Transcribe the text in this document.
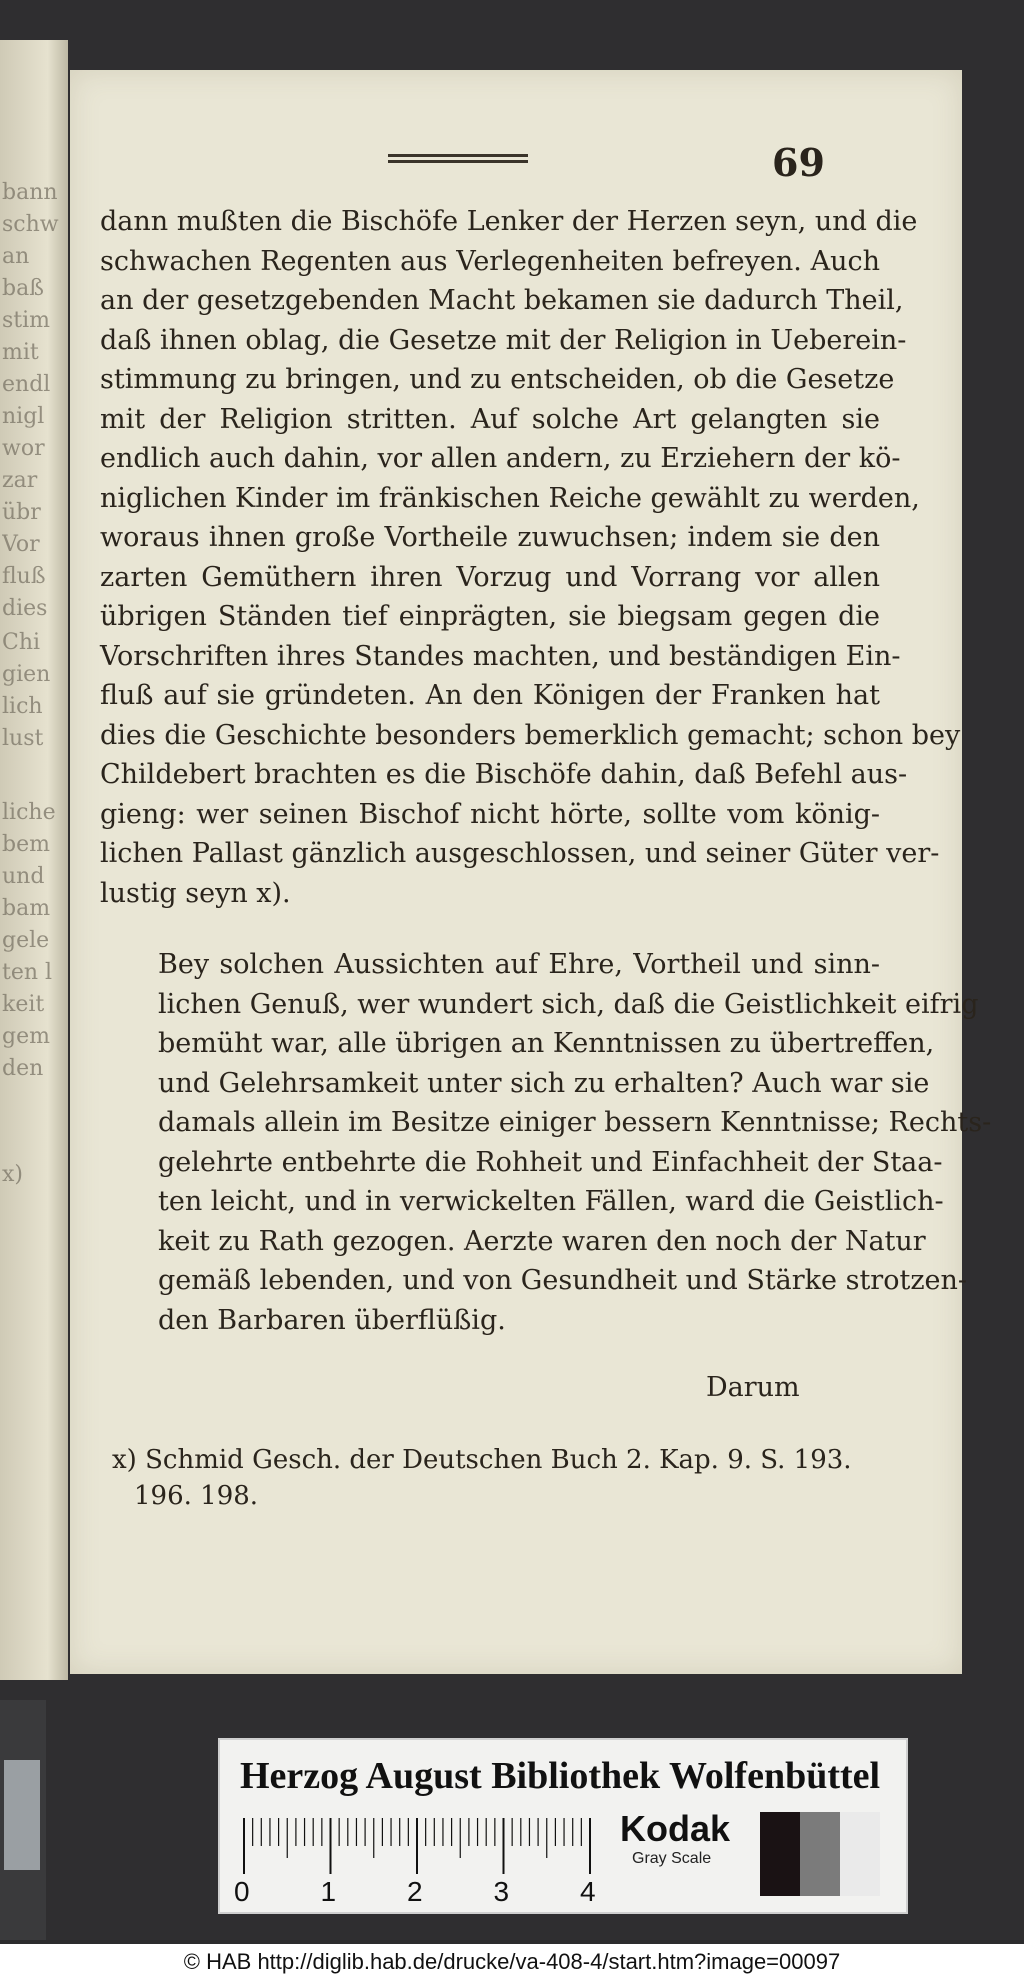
bann
schw
an
baß
stim
mit
endl
nigl
wor
zar
übr
Vor
fluß
dies
Chi
gien
lich
lust
liche
bem
und
bam
gele
ten l
keit
gem
den
x)
69
dann mußten die Bischöfe Lenker der Herzen seyn, und die
schwachen Regenten aus Verlegenheiten befreyen. Auch
an der gesetzgebenden Macht bekamen sie dadurch Theil,
daß ihnen oblag, die Gesetze mit der Religion in Ueberein-
stimmung zu bringen, und zu entscheiden, ob die Gesetze
mit der Religion stritten. Auf solche Art gelangten sie
endlich auch dahin, vor allen andern, zu Erziehern der kö-
niglichen Kinder im fränkischen Reiche gewählt zu werden,
woraus ihnen große Vortheile zuwuchsen; indem sie den
zarten Gemüthern ihren Vorzug und Vorrang vor allen
übrigen Ständen tief einprägten, sie biegsam gegen die
Vorschriften ihres Standes machten, und beständigen Ein-
fluß auf sie gründeten. An den Königen der Franken hat
dies die Geschichte besonders bemerklich gemacht; schon bey
Childebert brachten es die Bischöfe dahin, daß Befehl aus-
gieng: wer seinen Bischof nicht hörte, sollte vom könig-
lichen Pallast gänzlich ausgeschlossen, und seiner Güter ver-
lustig seyn x).
Bey solchen Aussichten auf Ehre, Vortheil und sinn-
lichen Genuß, wer wundert sich, daß die Geistlichkeit eifrig
bemüht war, alle übrigen an Kenntnissen zu übertreffen,
und Gelehrsamkeit unter sich zu erhalten? Auch war sie
damals allein im Besitze einiger bessern Kenntnisse; Rechts-
gelehrte entbehrte die Rohheit und Einfachheit der Staa-
ten leicht, und in verwickelten Fällen, ward die Geistlich-
keit zu Rath gezogen. Aerzte waren den noch der Natur
gemäß lebenden, und von Gesundheit und Stärke strotzen-
den Barbaren überflüßig.
Darum
x) Schmid Gesch. der Deutschen Buch 2. Kap. 9. S. 193.
196. 198.
Herzog August Bibliothek Wolfenbüttel
0	1	2	3	4
Kodak
Gray Scale
© HAB http://diglib.hab.de/drucke/va-408-4/start.htm?image=00097
